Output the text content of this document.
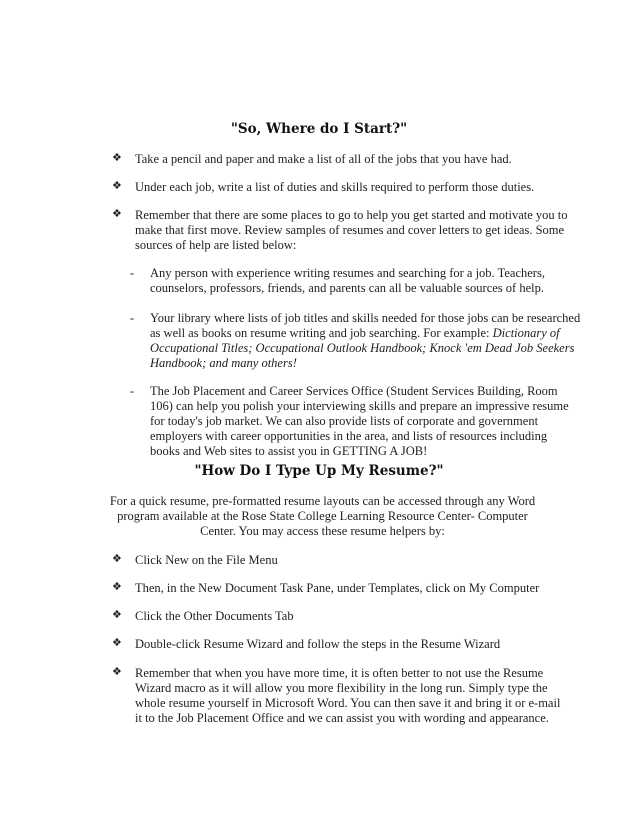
"So, Where do I Start?"
❖ Take a pencil and paper and make a list of all of the jobs that you have had.
❖ Under each job, write a list of duties and skills required to perform those duties.
❖ Remember that there are some places to go to help you get started and motivate you to make that first move. Review samples of resumes and cover letters to get ideas. Some sources of help are listed below:
- Any person with experience writing resumes and searching for a job. Teachers, counselors, professors, friends, and parents can all be valuable sources of help.
- Your library where lists of job titles and skills needed for those jobs can be researched as well as books on resume writing and job searching. For example: Dictionary of Occupational Titles; Occupational Outlook Handbook; Knock 'em Dead Job Seekers Handbook; and many others!
- The Job Placement and Career Services Office (Student Services Building, Room 106) can help you polish your interviewing skills and prepare an impressive resume for today's job market. We can also provide lists of corporate and government employers with career opportunities in the area, and lists of resources including books and Web sites to assist you in GETTING A JOB!
"How Do I Type Up My Resume?"
For a quick resume, pre-formatted resume layouts can be accessed through any Word program available at the Rose State College Learning Resource Center- Computer Center. You may access these resume helpers by:
❖ Click New on the File Menu
❖ Then, in the New Document Task Pane, under Templates, click on My Computer
❖ Click the Other Documents Tab
❖ Double-click Resume Wizard and follow the steps in the Resume Wizard
❖ Remember that when you have more time, it is often better to not use the Resume Wizard macro as it will allow you more flexibility in the long run. Simply type the whole resume yourself in Microsoft Word. You can then save it and bring it or e-mail it to the Job Placement Office and we can assist you with wording and appearance.
